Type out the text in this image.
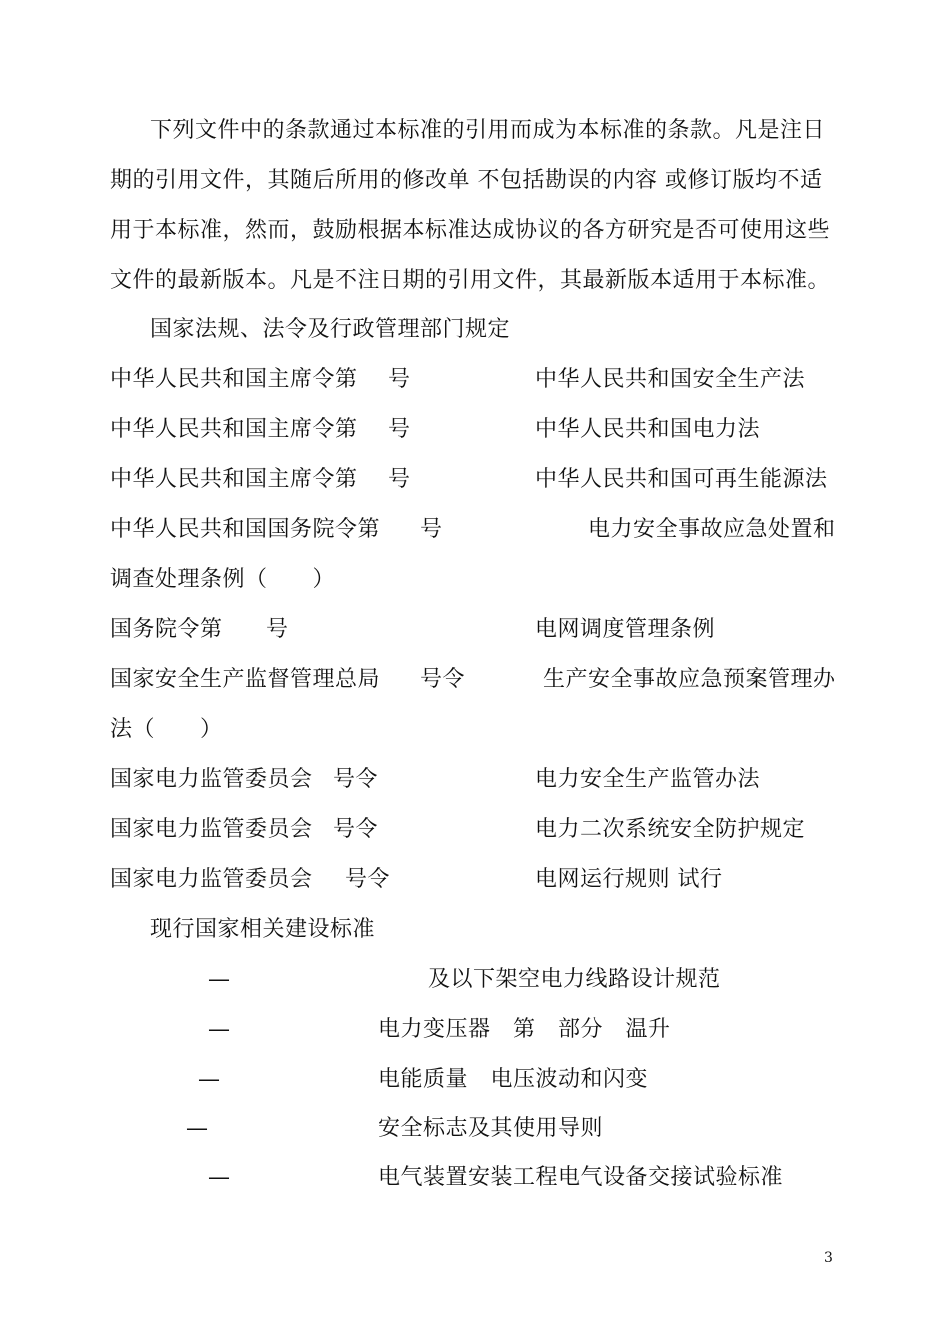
下列文件中的条款通过本标准的引用而成为本标准的条款。凡是注日
期的引用文件，其随后所用的修改单 不包括勘误的内容 或修订版均不适
用于本标准，然而，鼓励根据本标准达成协议的各方研究是否可使用这些
文件的最新版本。凡是不注日期的引用文件，其最新版本适用于本标准。
国家法规、法令及行政管理部门规定
中华人民共和国主席令第 号	中华人民共和国安全生产法
中华人民共和国主席令第 号	中华人民共和国电力法
中华人民共和国主席令第 号	中华人民共和国可再生能源法
中华人民共和国国务院令第 号	电力安全事故应急处置和
调查处理条例（　　）
国务院令第 号	电网调度管理条例
国家安全生产监督管理总局 号令	生产安全事故应急预案管理办
法（　　）
国家电力监管委员会 号令	电力安全生产监管办法
国家电力监管委员会 号令	电力二次系统安全防护规定
国家电力监管委员会 号令	电网运行规则 试行
现行国家相关建设标准
—	及以下架空电力线路设计规范
—	电力变压器　第　部分　温升
—	电能质量　电压波动和闪变
—	安全标志及其使用导则
—	电气装置安装工程电气设备交接试验标准
3
